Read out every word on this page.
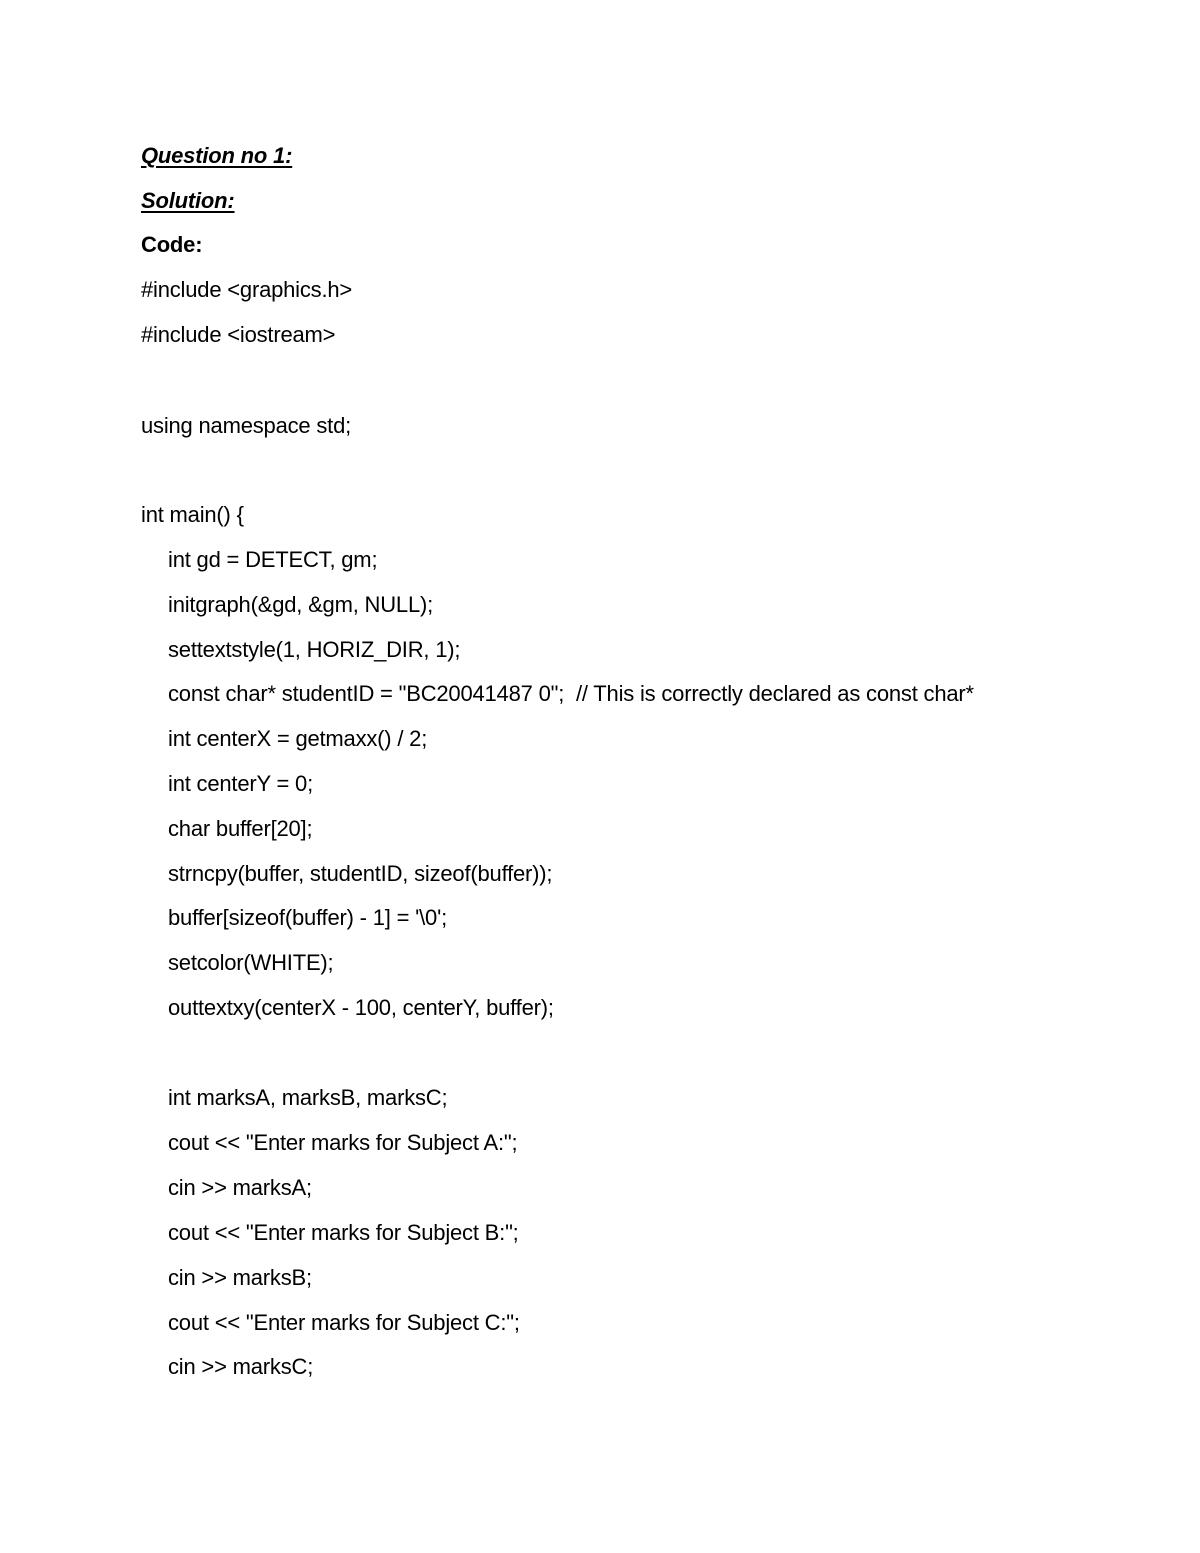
Question no 1:
Solution:
Code:
#include <graphics.h>
#include <iostream>
using namespace std;
int main() {
int gd = DETECT, gm;
initgraph(&gd, &gm, NULL);
settextstyle(1, HORIZ_DIR, 1);
const char* studentID = "BC20041487 0";  // This is correctly declared as const char*
int centerX = getmaxx() / 2;
int centerY = 0;
char buffer[20];
strncpy(buffer, studentID, sizeof(buffer));
buffer[sizeof(buffer) - 1] = '\0';
setcolor(WHITE);
outtextxy(centerX - 100, centerY, buffer);
int marksA, marksB, marksC;
cout << "Enter marks for Subject A:";
cin >> marksA;
cout << "Enter marks for Subject B:";
cin >> marksB;
cout << "Enter marks for Subject C:";
cin >> marksC;
